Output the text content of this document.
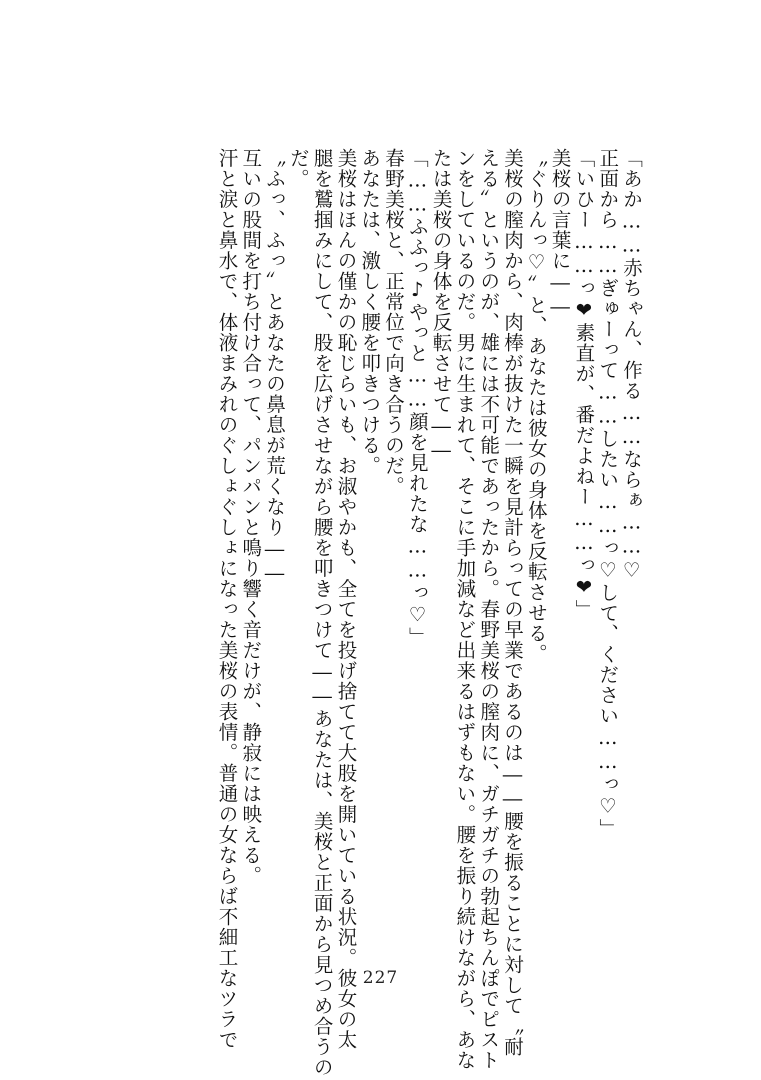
「あか……赤ちゃん、作る……ならぁ……♡
正面から……ぎゅーって……したい……っ♡して、ください……っ♡」
「いひー……っ❤素直が、番だよねー……っ❤」
美桜の言葉に――
〝ぐりんっ♡〟と、あなたは彼女の身体を反転させる。
美桜の膣肉から、肉棒が抜けた一瞬を見計らっての早業であるのは――腰を振ることに対して〝耐
える〟というのが、雄には不可能であったから。春野美桜の膣肉に、ガチガチの勃起ちんぽでピスト
ンをしているのだ。男に生まれて、そこに手加減など出来るはずもない。腰を振り続けながら、あな
たは美桜の身体を反転させて――
「……ふふっ♪やっと……顔を見れたな……っ♡」
春野美桜と、正常位で向き合うのだ。
あなたは、激しく腰を叩きつける。
美桜はほんの僅かの恥じらいも、お淑やかも、全てを投げ捨てて大股を開いている状況。彼女の太
腿を鷲掴みにして、股を広げさせながら腰を叩きつけて――あなたは、美桜と正面から見つめ合うの
だ。
〝ふっ、ふっ〟とあなたの鼻息が荒くなり――
互いの股間を打ち付け合って、パンパンと鳴り響く音だけが、静寂には映える。
汗と涙と鼻水で、体液まみれのぐしょぐしょになった美桜の表情。普通の女ならば不細工なツラで	227
